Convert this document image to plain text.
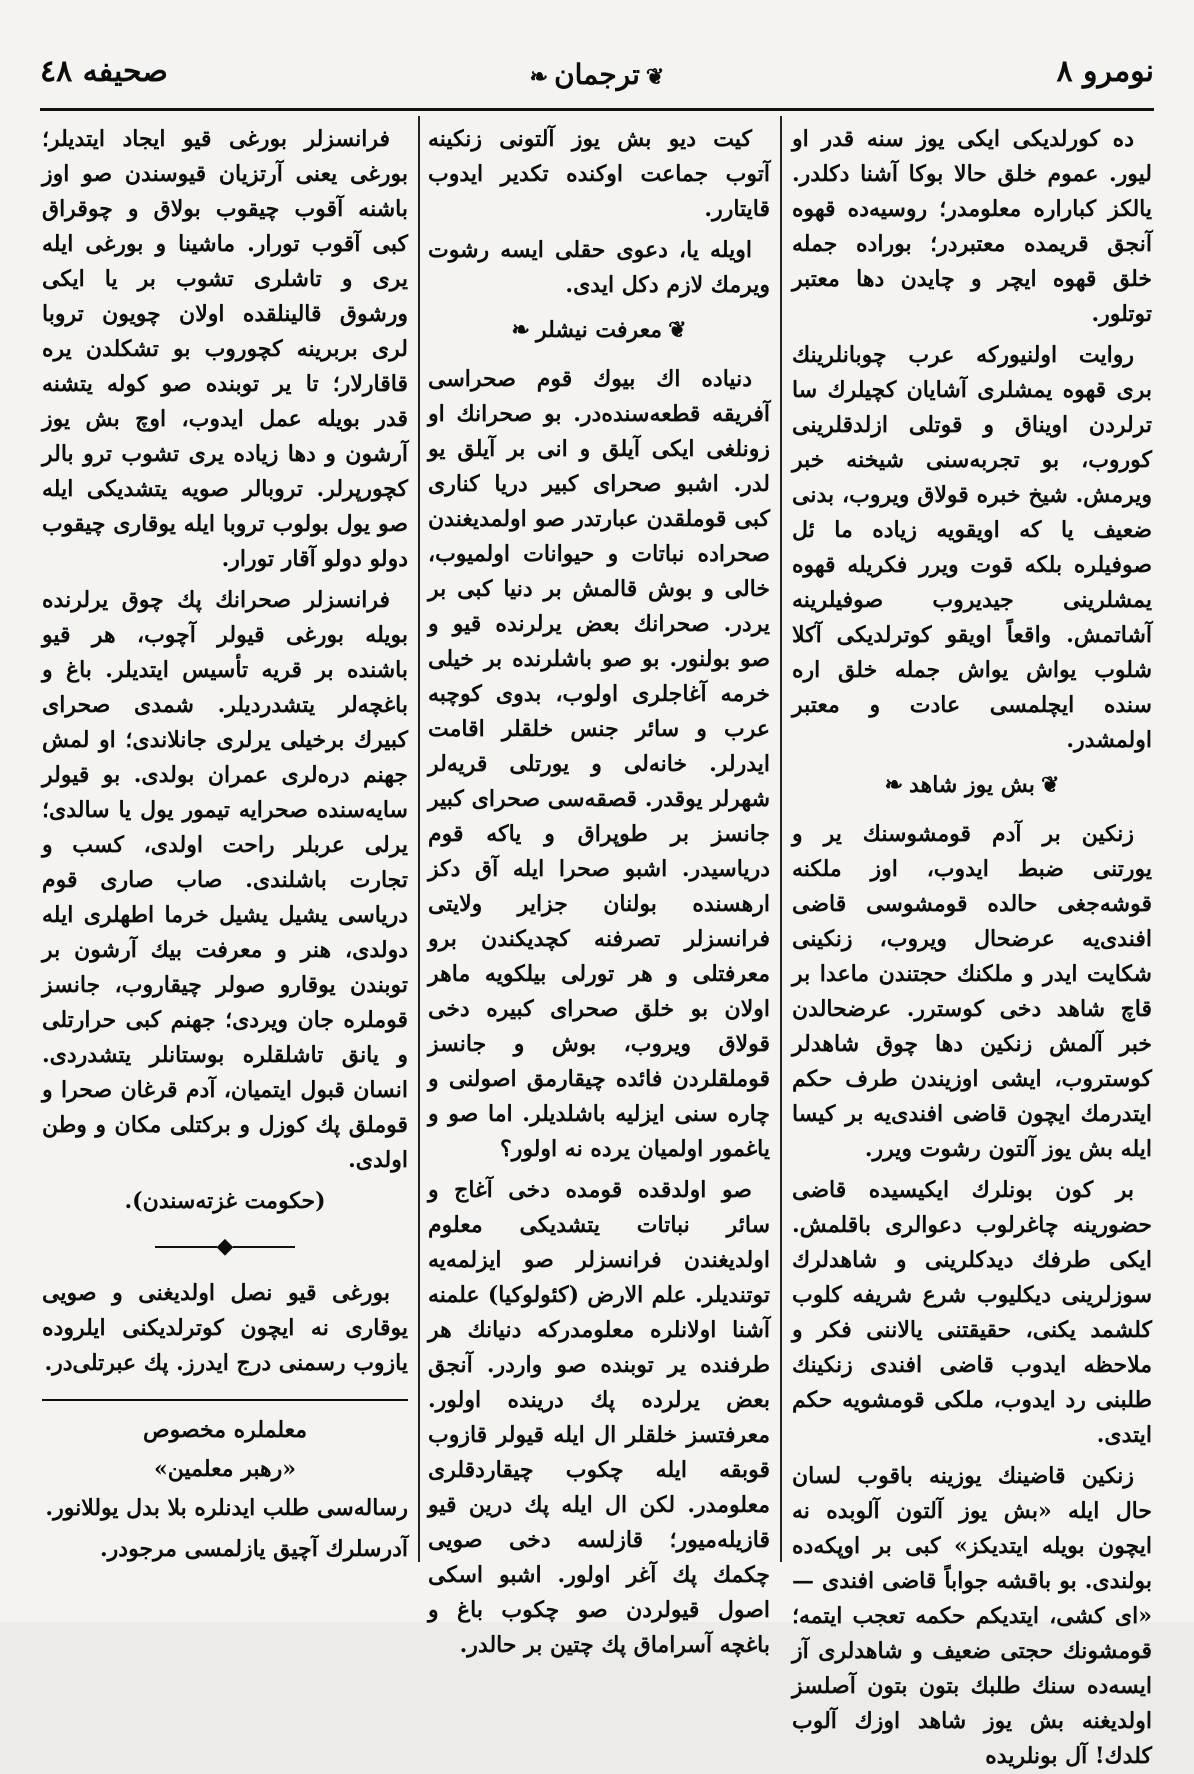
نومرو ٨
❦ترجمان❧
صحيفه ٤٨

ده كورلديكى ايكى يوز سنه قدر او ليور. عموم خلق حالا بوكا آشنا دكلدر. يالكز كباراره معلومدر؛ روسيه‌ده قهوه آنجق قريمده معتبردر؛ بوراده جمله خلق قهوه ايچر و چايدن دها معتبر توتلور.

روايت اولنيوركه عرب چوبانلرينك برى قهوه يمشلرى آشايان كچيلرك سا ترلردن اويناق و قوتلى ازلدقلرينى كوروب، بو تجربه‌سنى شيخنه خبر ويرمش. شيخ خبره قولاق ويروب، بدنى ضعيف يا كه اويقويه زياده ما ئل صوفيلره بلكه قوت ويرر فكريله قهوه يمشلرينى جيديروب صوفيلرينه آشاتمش. واقعاً اويقو كوترلديكى آكلا شلوب يواش يواش جمله خلق اره سنده ايچلمسى عادت و معتبر اولمشدر.

❦بش يوز شاهد❧

زنكين بر آدم قومشوسنك ير و يورتنى ضبط ايدوب، اوز ملكنه قوشه‌جغى حالده قومشوسى قاضى افندى‌يه عرضحال ويروب، زنكينى شكايت ايدر و ملكنك حجتندن ماعدا بر قاچ شاهد دخى كوسترر. عرضحالدن خبر آلمش زنكين دها چوق شاهدلر كوستروب، ايشى اوزيندن طرف حكم ايتدرمك ايچون قاضى افندى‌يه بر كيسا ايله بش يوز آلتون رشوت ويرر.

بر كون بونلرك ايكيسيده قاضى حضورينه چاغرلوب دعوالرى باقلمش. ايكى طرفك ديدكلرينى و شاهدلرك سوزلرينى ديكليوب شرع شريفه كلوب كلشمد يكنى، حقيقتنى يالاننى فكر و ملاحظه ايدوب قاضى افندى زنكينك طلبنى رد ايدوب، ملكى قومشويه حكم ايتدى.

زنكين قاضينك يوزينه باقوب لسان حال ايله «بش يوز آلتون آلوبده نه ايچون بويله ايتديكز» كبى بر اوپكه‌ده بولندى. بو باقشه جواباً قاضى افندى — «اى كشى، ايتديكم حكمه تعجب ايتمه؛ قومشونك حجتى ضعيف و شاهدلرى آز ايسه‌ده سنك طلبك بتون بتون آصلسز اولديغنه بش يوز شاهد اوزك آلوب كلدك! آل بونلريده

كيت ديو بش يوز آلتونى زنكينه آتوب جماعت اوكنده تكدير ايدوب قايتارر.

اويله يا، دعوى حقلى ايسه رشوت ويرمك لازم دكل ايدى.

❦معرفت نيشلر❧

دنياده اك بيوك قوم صحراسى آفريقه قطعه‌سنده‌در. بو صحرانك او زونلغى ايكى آيلق و انى بر آيلق يو لدر. اشبو صحراى كبير دريا كنارى كبى قوملقدن عبارتدر صو اولمديغندن صحراده نباتات و حيوانات اولميوب، خالى و بوش قالمش بر دنيا كبى بر يردر. صحرانك بعض يرلرنده قيو و صو بولنور. بو صو باشلرنده بر خيلى خرمه آغاجلرى اولوب، بدوى كوچبه عرب و سائر جنس خلقلر اقامت ايدرلر. خانه‌لى و يورتلى قريه‌لر شهرلر يوقدر. قصقه‌سى صحراى كبير جانسز بر طوپراق و ياكه قوم درياسيدر. اشبو صحرا ايله آق دكز ارهسنده بولنان جزاير ولايتى فرانسزلر تصرفنه كچديكندن برو معرفتلى و هر تورلى بيلكويه ماهر اولان بو خلق صحراى كبيره دخى قولاق ويروب، بوش و جانسز قوملقلردن فائده چيقارمق اصولنى و چاره سنى ايزليه باشلديلر. اما صو و ياغمور اولميان يرده نه اولور؟

صو اولدقده قومده دخى آغاج و سائر نباتات يتشديكى معلوم اولديغندن فرانسزلر صو ايزلمه‌يه توتنديلر. علم الارض (كئولوكيا) علمنه آشنا اولانلره معلومدركه دنيانك هر طرفنده ير توبنده صو واردر. آنجق بعض يرلرده پك درينده اولور. معرفتسز خلقلر ال ايله قيولر قازوب قوبقه ايله چكوب چيقاردقلرى معلومدر. لكن ال ايله پك درين قيو قازيله‌ميور؛ قازلسه دخى صويى چكمك پك آغر اولور. اشبو اسكى اصول قيولردن صو چكوب باغ و باغچه آسراماق پك چتين بر حالدر.

فرانسزلر بورغى قيو ايجاد ايتديلر؛ بورغى يعنى آرتزيان قيوسندن صو اوز باشنه آقوب چيقوب بولاق و چوقراق كبى آقوب تورار. ماشينا و بورغى ايله يرى و تاشلرى تشوب بر يا ايكى ورشوق قالينلقده اولان چويون تروبا لرى بربرينه كچوروب بو تشكلدن يره قاقارلار؛ تا ير توبنده صو كوله يتشنه قدر بويله عمل ايدوب، اوچ بش يوز آرشون و دها زياده يرى تشوب ترو بالر كچورپرلر. تروبالر صويه يتشديكى ايله صو يول بولوب تروبا ايله يوقارى چيقوب دولو دولو آقار تورار.

فرانسزلر صحرانك پك چوق يرلرنده بويله بورغى قيولر آچوب، هر قيو باشنده بر قريه تأسيس ايتديلر. باغ و باغچه‌لر يتشدرديلر. شمدى صحراى كبيرك برخيلى يرلرى جانلاندى؛ او لمش جهنم دره‌لرى عمران بولدى. بو قيولر سايه‌سنده صحرايه تيمور يول يا سالدى؛ يرلى عربلر راحت اولدى، كسب و تجارت باشلندى. صاب صارى قوم درياسى يشيل يشيل خرما اطهلرى ايله دولدى، هنر و معرفت بيك آرشون بر توبندن يوقارو صولر چيقاروب، جانسز قوملره جان ويردى؛ جهنم كبى حرارتلى و يانق تاشلقلره بوستانلر يتشدردى. انسان قبول ايتميان، آدم قرغان صحرا و قوملق پك كوزل و بركتلى مكان و وطن اولدى.

(حكومت غزته‌سندن).
◆

بورغى قيو نصل اولديغنى و صويى يوقارى نه ايچون كوترلديكنى ايلروده يازوب رسمنى درج ايدرز. پك عبرتلى‌در.

معلملره مخصوص
«رهبر معلمين»

رساله‌سى طلب ايدنلره بلا بدل يوللانور.

آدرسلرك آچيق يازلمسى مرجودر.
